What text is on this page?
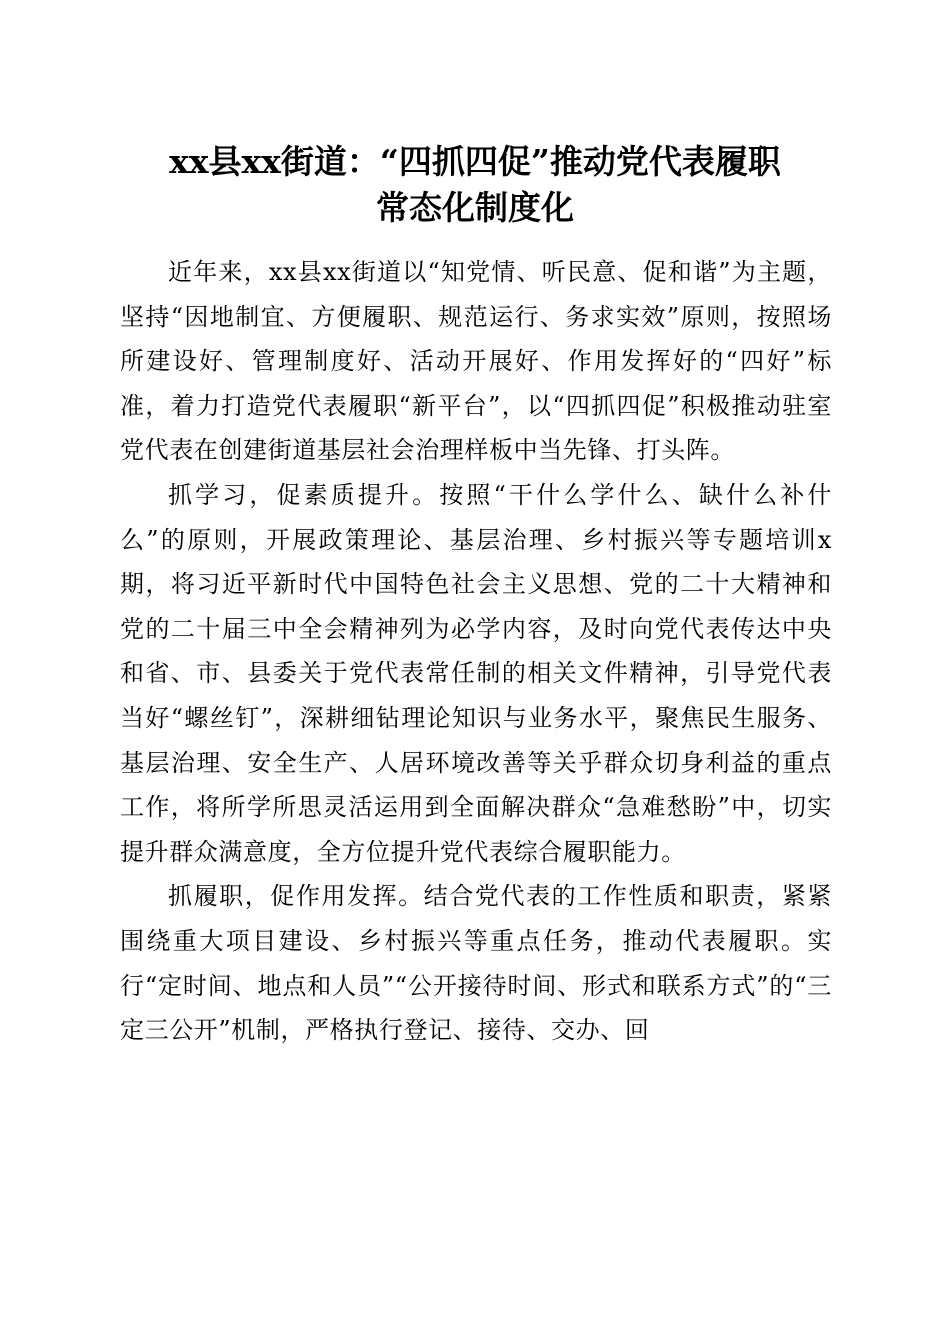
xx县xx街道：“四抓四促”推动党代表履职
常态化制度化

近年来，xx县xx街道以“知党情、听民意、促和谐”为主题，坚持“因地制宜、方便履职、规范运行、务求实效”原则，按照场所建设好、管理制度好、活动开展好、作用发挥好的“四好”标准，着力打造党代表履职“新平台”，以“四抓四促”积极推动驻室党代表在创建街道基层社会治理样板中当先锋、打头阵。

抓学习，促素质提升。按照“干什么学什么、缺什么补什么”的原则，开展政策理论、基层治理、乡村振兴等专题培训x期，将习近平新时代中国特色社会主义思想、党的二十大精神和党的二十届三中全会精神列为必学内容，及时向党代表传达中央和省、市、县委关于党代表常任制的相关文件精神，引导党代表当好“螺丝钉”，深耕细钻理论知识与业务水平，聚焦民生服务、基层治理、安全生产、人居环境改善等关乎群众切身利益的重点工作，将所学所思灵活运用到全面解决群众“急难愁盼”中，切实提升群众满意度，全方位提升党代表综合履职能力。

抓履职，促作用发挥。结合党代表的工作性质和职责，紧紧围绕重大项目建设、乡村振兴等重点任务，推动代表履职。实行“定时间、地点和人员”“公开接待时间、形式和联系方式”的“三定三公开”机制，严格执行登记、接待、交办、回
